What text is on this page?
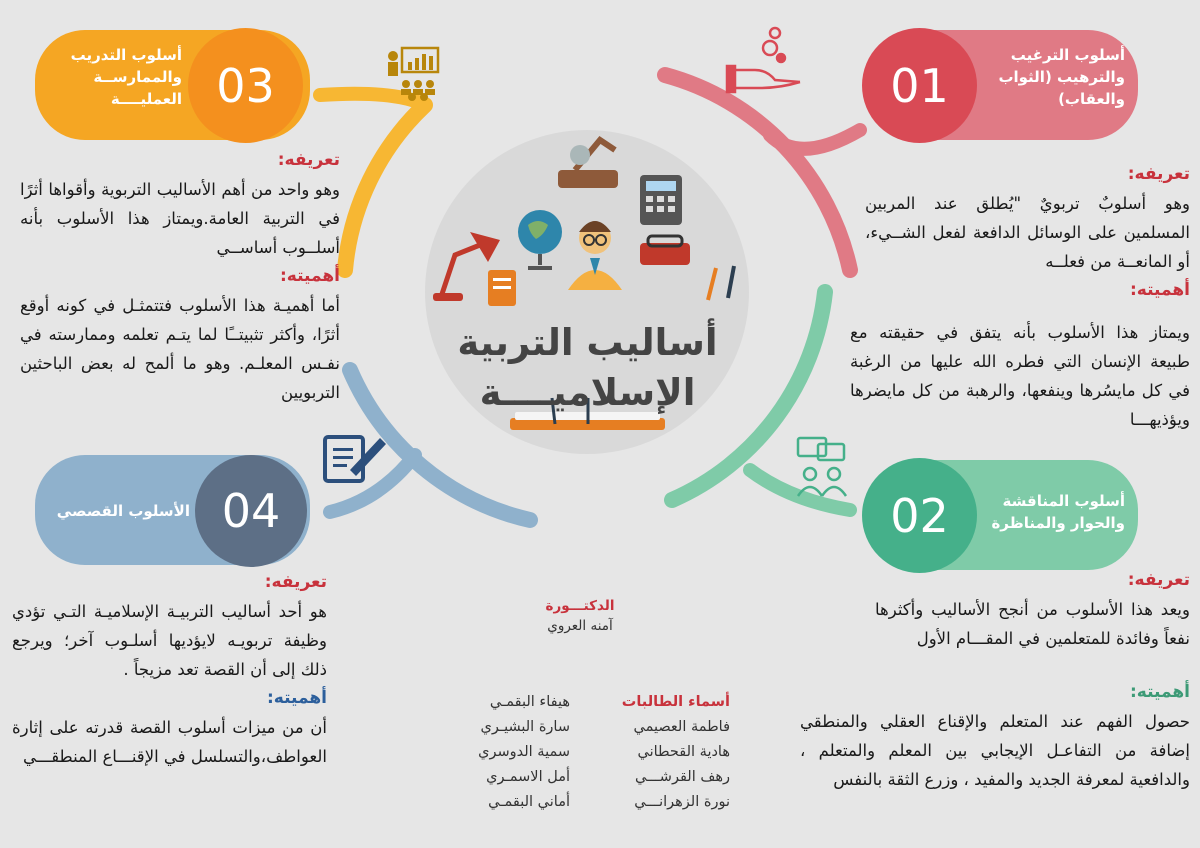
أساليب التربية
الإسلاميــــة
01
أسلوب الترغيب والترهيب (الثواب والعقاب)
تعريفه:
وهو أسلوبٌ تربويٌ "يُطلق عند المربين المسلمين على الوسائل الدافعة لفعل الشــيء، أو المانعــة من فعلــه
أهميته:
ويمتاز هذا الأسلوب بأنه يتفق في حقيقته مع طبيعة الإنسان التي فطره الله عليها من الرغبة في كل مايسُرها وينفعها، والرهبة من كل مايضرها ويؤذيهـــا
03
أسلوب التدريب والممارســة العمليــــة
تعريفه:
وهو واحد من أهم الأساليب التربوية وأقواها أثرًا في التربية العامة.ويمتاز هذا الأسلوب بأنه أسلــوب أساســي
أهميته:
أما أهميـة هذا الأسلوب فتتمثـل في كونه أوقع أثرًا، وأكثر تثبيتــًا لما يتـم تعلمه وممارسته في نفـس المعلـم. وهو ما ألمح له بعض الباحثين التربويين
04
الأسلوب القصصي
تعريفه:
هو أحد أساليب التربيـة الإسلاميـة التـي تؤدي وظيفة تربويـه لايؤديها أسلـوب آخر؛ ويرجع ذلك إلى أن القصة تعد مزيجاً .
أهميته:
أن من ميزات أسلوب القصة قدرته على إثارة العواطف،والتسلسل في الإقنـــاع المنطقـــي
02	أسلوب المناقشة والحوار والمناظرة
تعريفه:
ويعد هذا الأسلوب من أنجح الأساليب وأكثرها نفعاً وفائدة للمتعلمين في المقـــام الأول
أهميته:
حصول الفهم عند المتعلم والإقناع العقلي والمنطقي إضافة من التفاعـل الإيجابي بين المعلم والمتعلم ، والدافعية لمعرفة الجديد والمفيد ، وزرع الثقة بالنفس
الدكتـــورة
آمنه العروي
أسماء الطالبات
فاطمة العصيمي
هادية القحطاني
رهف القرشـــي
نورة الزهرانـــي
هيفاء البقمـي
سارة البشيـري
سمية الدوسري
أمل الاسمـري
أماني البقمـي
